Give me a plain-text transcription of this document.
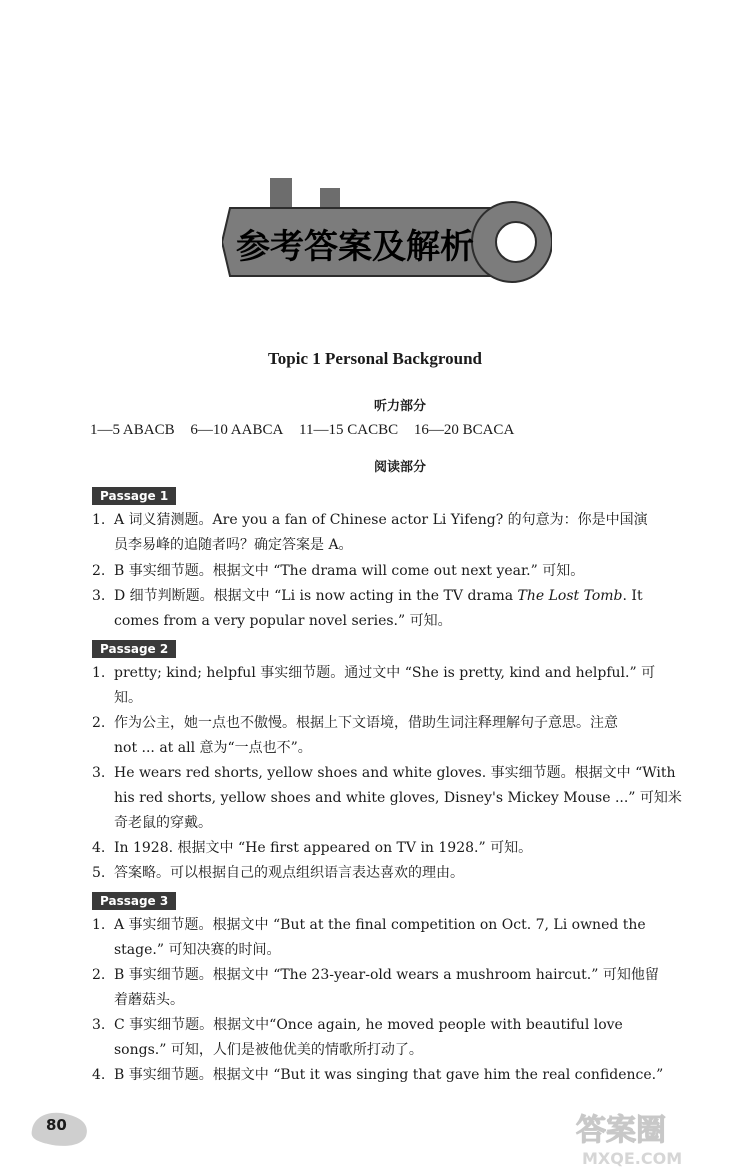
参考答案及解析
Topic 1 Personal Background
听力部分
1—5 ABACB 6—10 AABCA 11—15 CACBC 16—20 BCACA
阅读部分
Passage 1
1. A 词义猜测题。Are you a fan of Chinese actor Li Yifeng? 的句意为：你是中国演
员李易峰的追随者吗？确定答案是 A。
2. B 事实细节题。根据文中 “The drama will come out next year.” 可知。
3. D 细节判断题。根据文中 “Li is now acting in the TV drama The Lost Tomb. It
comes from a very popular novel series.” 可知。
Passage 2
1. pretty; kind; helpful 事实细节题。通过文中 “She is pretty, kind and helpful.” 可
知。
2. 作为公主，她一点也不傲慢。根据上下文语境，借助生词注释理解句子意思。注意
not ... at all 意为“一点也不”。
3. He wears red shorts, yellow shoes and white gloves. 事实细节题。根据文中 “With
his red shorts, yellow shoes and white gloves, Disney's Mickey Mouse ...” 可知米
奇老鼠的穿戴。
4. In 1928. 根据文中 “He first appeared on TV in 1928.” 可知。
5. 答案略。可以根据自己的观点组织语言表达喜欢的理由。
Passage 3
1. A 事实细节题。根据文中 “But at the final competition on Oct. 7, Li owned the
stage.” 可知决赛的时间。
2. B 事实细节题。根据文中 “The 23-year-old wears a mushroom haircut.” 可知他留
着蘑菇头。
3. C 事实细节题。根据文中“Once again, he moved people with beautiful love
songs.” 可知，人们是被他优美的情歌所打动了。
4. B 事实细节题。根据文中 “But it was singing that gave him the real confidence.”
80	答案圈
MXQE.COM
